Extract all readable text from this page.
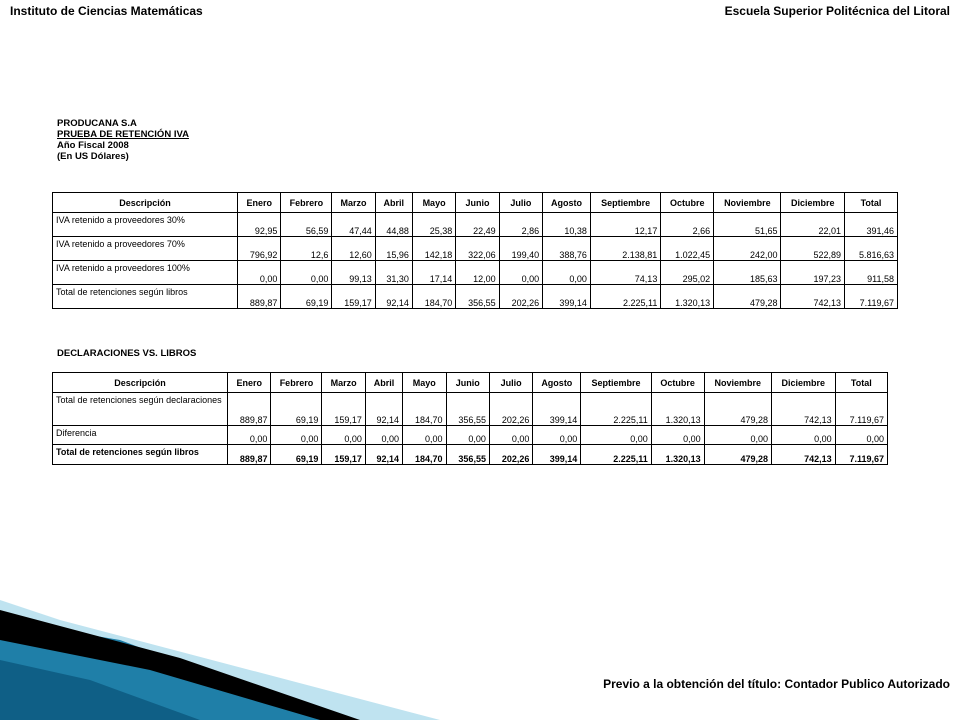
Instituto de Ciencias Matemáticas	Escuela Superior Politécnica del Litoral
PRODUCANA S.A
PRUEBA DE RETENCIÓN IVA
Año Fiscal 2008
(En US Dólares)
Descripción	Enero	Febrero	Marzo	Abril	Mayo	Junio	Julio	Agosto	Septiembre	Octubre	Noviembre	Diciembre	Total
IVA retenido a proveedores 30%	92,95	56,59	47,44	44,88	25,38	22,49	2,86	10,38	12,17	2,66	51,65	22,01	391,46
IVA retenido a proveedores 70%	796,92	12,6	12,60	15,96	142,18	322,06	199,40	388,76	2.138,81	1.022,45	242,00	522,89	5.816,63
IVA retenido a proveedores 100%	0,00	0,00	99,13	31,30	17,14	12,00	0,00	0,00	74,13	295,02	185,63	197,23	911,58
Total de retenciones según libros	889,87	69,19	159,17	92,14	184,70	356,55	202,26	399,14	2.225,11	1.320,13	479,28	742,13	7.119,67
DECLARACIONES VS. LIBROS
Descripción	Enero	Febrero	Marzo	Abril	Mayo	Junio	Julio	Agosto	Septiembre	Octubre	Noviembre	Diciembre	Total
Total de retenciones según declaraciones	889,87	69,19	159,17	92,14	184,70	356,55	202,26	399,14	2.225,11	1.320,13	479,28	742,13	7.119,67
Diferencia	0,00	0,00	0,00	0,00	0,00	0,00	0,00	0,00	0,00	0,00	0,00	0,00	0,00
Total de retenciones según libros	889,87	69,19	159,17	92,14	184,70	356,55	202,26	399,14	2.225,11	1.320,13	479,28	742,13	7.119,67
Previo a la obtención del título: Contador Publico Autorizado
